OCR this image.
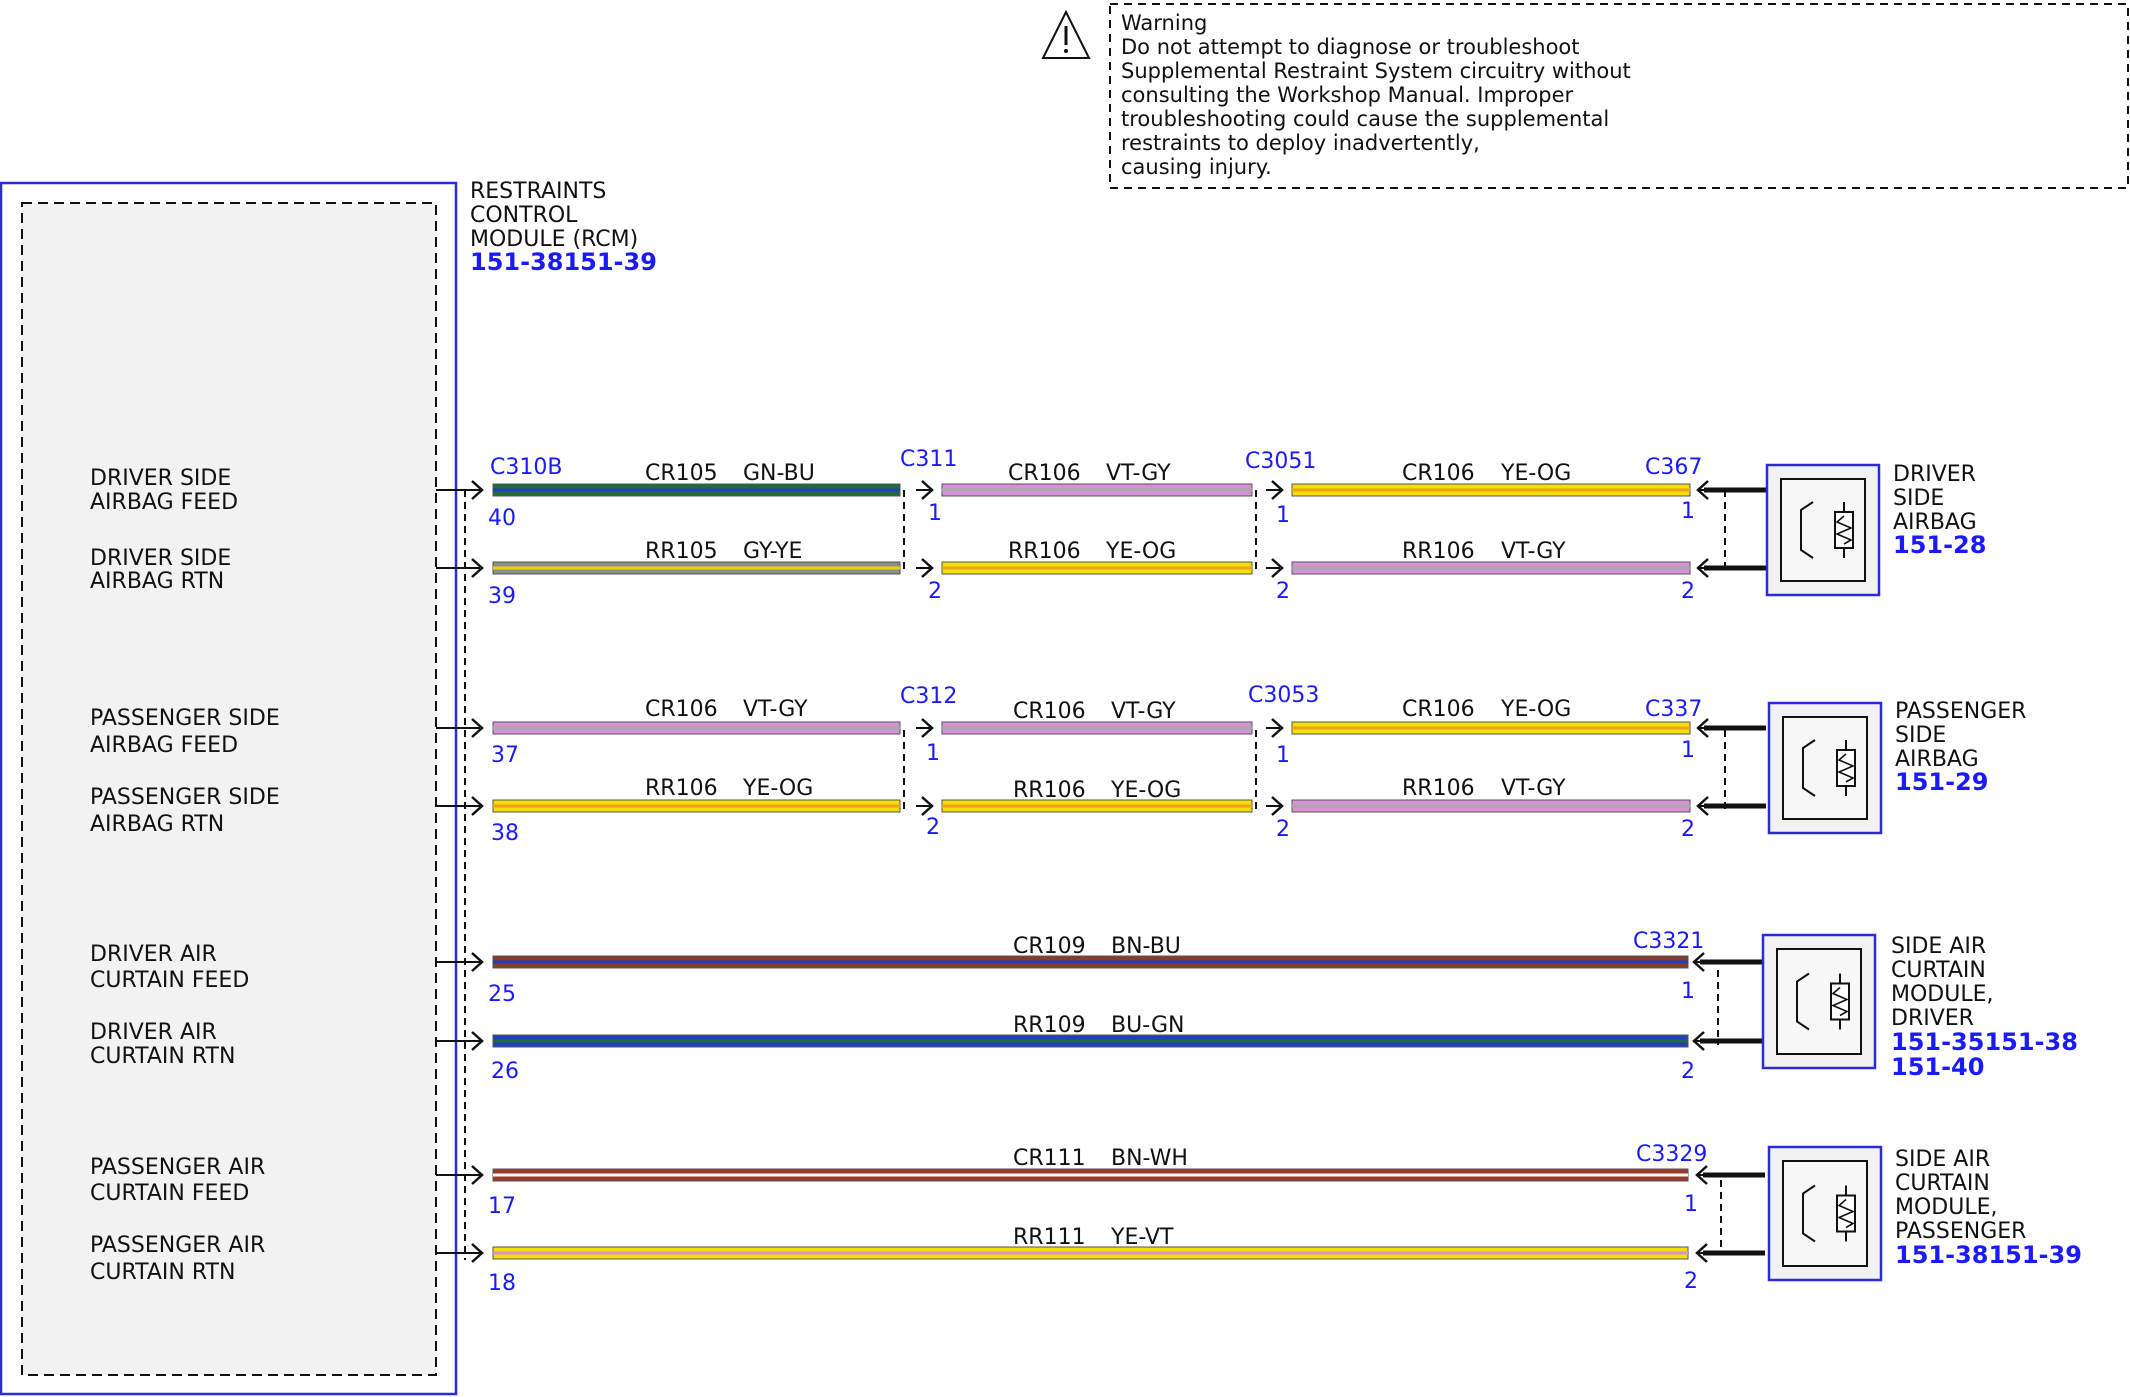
Warning
Do not attempt to diagnose or troubleshoot
Supplemental Restraint System circuitry without
consulting the Workshop Manual. Improper
troubleshooting could cause the supplemental
restraints to deploy inadvertently,
causing injury.
RESTRAINTS
CONTROL
MODULE (RCM)
151-38151-39
DRIVER SIDE
AIRBAG FEED
DRIVER SIDE
AIRBAG RTN
PASSENGER SIDE
AIRBAG FEED
PASSENGER SIDE
AIRBAG RTN
DRIVER AIR
CURTAIN FEED
DRIVER AIR
CURTAIN RTN
PASSENGER AIR
CURTAIN FEED
PASSENGER AIR
CURTAIN RTN
CR105 GN-BU	CR106 VT-GY	CR106 YE-OG
RR105 GY-YE	RR106 YE-OG	RR106 VT-GY
CR106 VT-GY	CR106 VT-GY	CR106 YE-OG
RR106 YE-OG	RR106 YE-OG	RR106 VT-GY
CR109 BN-BU
RR109 BU-GN
CR111 BN-WH
RR111 YE-VT
C310B	C311	C3051	C367
C312	C3053
C337
C3321
C3329
40	1	1	1
39	2	2	2
37	1	1	1
38	2	2	2
25	1
26	2
17	1
18	2
DRIVER
SIDE
AIRBAG
151-28
PASSENGER
SIDE
AIRBAG
151-29
SIDE AIR
CURTAIN
MODULE,
DRIVER
151-35151-38
151-40
SIDE AIR
CURTAIN
MODULE,
PASSENGER
151-38151-39
